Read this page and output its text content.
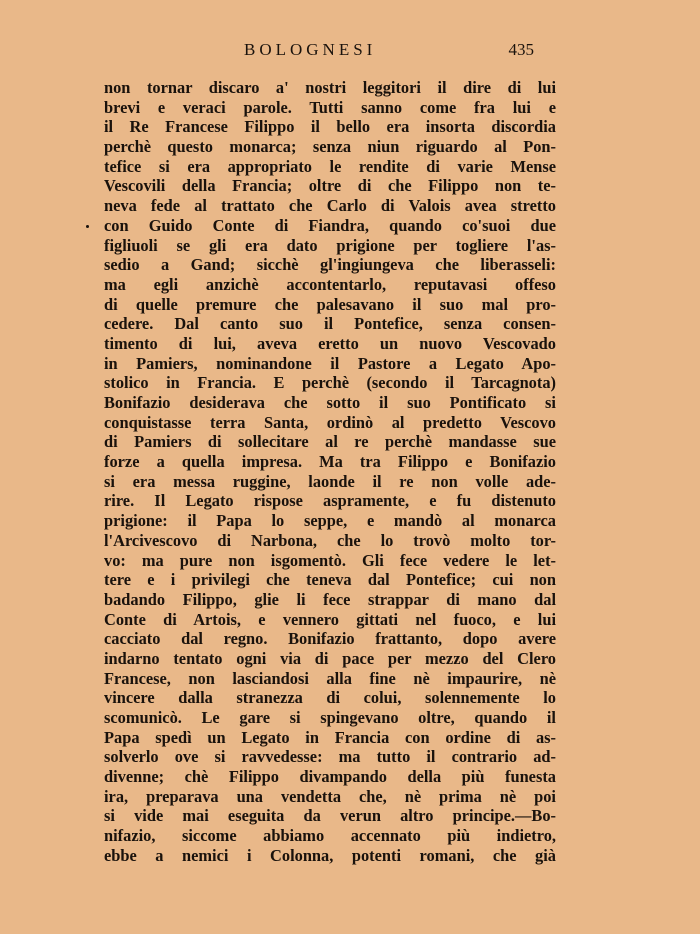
BOLOGNESI	435
non tornar discaro a' nostri leggitori il dire di lui
brevi e veraci parole. Tutti sanno come fra lui e
il Re Francese Filippo il bello era insorta discordia
perchè questo monarca; senza niun riguardo al Pon-
tefice si era appropriato le rendite di varie Mense
Vescovili della Francia; oltre di che Filippo non te-
neva fede al trattato che Carlo di Valois avea stretto
con Guido Conte di Fiandra, quando co'suoi due
figliuoli se gli era dato prigione per togliere l'as-
sedio a Gand; sicchè gl'ingiungeva che liberasseli:
ma egli anzichè accontentarlo, reputavasi offeso
di quelle premure che palesavano il suo mal pro-
cedere. Dal canto suo il Pontefice, senza consen-
timento di lui, aveva eretto un nuovo Vescovado
in Pamiers, nominandone il Pastore a Legato Apo-
stolico in Francia. E perchè (secondo il Tarcagnota)
Bonifazio desiderava che sotto il suo Pontificato si
conquistasse terra Santa, ordinò al predetto Vescovo
di Pamiers di sollecitare al re perchè mandasse sue
forze a quella impresa. Ma tra Filippo e Bonifazio
si era messa ruggine, laonde il re non volle ade-
rire. Il Legato rispose aspramente, e fu distenuto
prigione: il Papa lo seppe, e mandò al monarca
l'Arcivescovo di Narbona, che lo trovò molto tor-
vo: ma pure non isgomentò. Gli fece vedere le let-
tere e i privilegi che teneva dal Pontefice; cui non
badando Filippo, glie li fece strappar di mano dal
Conte di Artois, e vennero gittati nel fuoco, e lui
cacciato dal regno. Bonifazio frattanto, dopo avere
indarno tentato ogni via di pace per mezzo del Clero
Francese, non lasciandosi alla fine nè impaurire, nè
vincere dalla stranezza di colui, solennemente lo
scomunicò. Le gare si spingevano oltre, quando il
Papa spedì un Legato in Francia con ordine di as-
solverlo ove si ravvedesse: ma tutto il contrario ad-
divenne; chè Filippo divampando della più funesta
ira, preparava una vendetta che, nè prima nè poi
si vide mai eseguita da verun altro principe.—Bo-
nifazio, siccome abbiamo accennato più indietro,
ebbe a nemici i Colonna, potenti romani, che già
